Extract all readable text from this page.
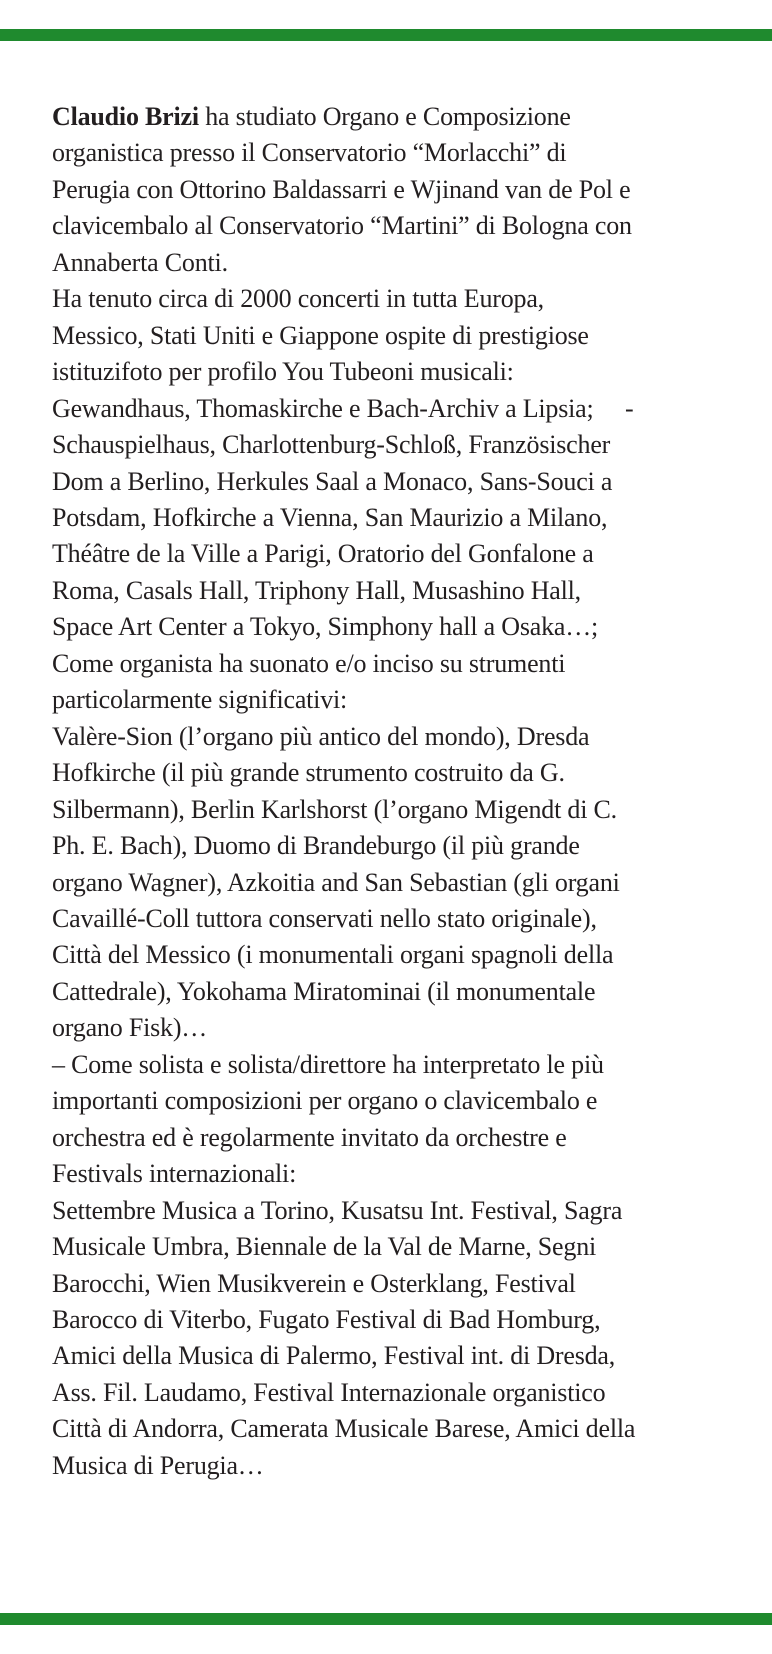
Claudio Brizi ha studiato Organo e Composizione
organistica presso il Conservatorio “Morlacchi” di
Perugia con Ottorino Baldassarri e Wjinand van de Pol e
clavicembalo al Conservatorio “Martini” di Bologna con
Annaberta Conti.
Ha tenuto circa di 2000 concerti in tutta Europa,
Messico, Stati Uniti e Giappone ospite di prestigiose
istituzifoto per profilo You Tubeoni musicali:
Gewandhaus, Thomaskirche e Bach-Archiv a Lipsia;     -
Schauspielhaus, Charlottenburg-Schloß, Französischer
Dom a Berlino, Herkules Saal a Monaco, Sans-Souci a
Potsdam, Hofkirche a Vienna, San Maurizio a Milano,
Théâtre de la Ville a Parigi, Oratorio del Gonfalone a
Roma, Casals Hall, Triphony Hall, Musashino Hall,
Space Art Center a Tokyo, Simphony hall a Osaka…;
Come organista ha suonato e/o inciso su strumenti
particolarmente significativi:
Valère-Sion (l’organo più antico del mondo), Dresda
Hofkirche (il più grande strumento costruito da G.
Silbermann), Berlin Karlshorst (l’organo Migendt di C.
Ph. E. Bach), Duomo di Brandeburgo (il più grande
organo Wagner), Azkoitia and San Sebastian (gli organi
Cavaillé-Coll tuttora conservati nello stato originale),
Città del Messico (i monumentali organi spagnoli della
Cattedrale), Yokohama Miratominai (il monumentale
organo Fisk)…
– Come solista e solista/direttore ha interpretato le più
importanti composizioni per organo o clavicembalo e
orchestra ed è regolarmente invitato da orchestre e
Festivals internazionali:
Settembre Musica a Torino, Kusatsu Int. Festival, Sagra
Musicale Umbra, Biennale de la Val de Marne, Segni
Barocchi, Wien Musikverein e Osterklang, Festival
Barocco di Viterbo, Fugato Festival di Bad Homburg,
Amici della Musica di Palermo, Festival int. di Dresda,
Ass. Fil. Laudamo, Festival Internazionale organistico
Città di Andorra, Camerata Musicale Barese, Amici della
Musica di Perugia…
